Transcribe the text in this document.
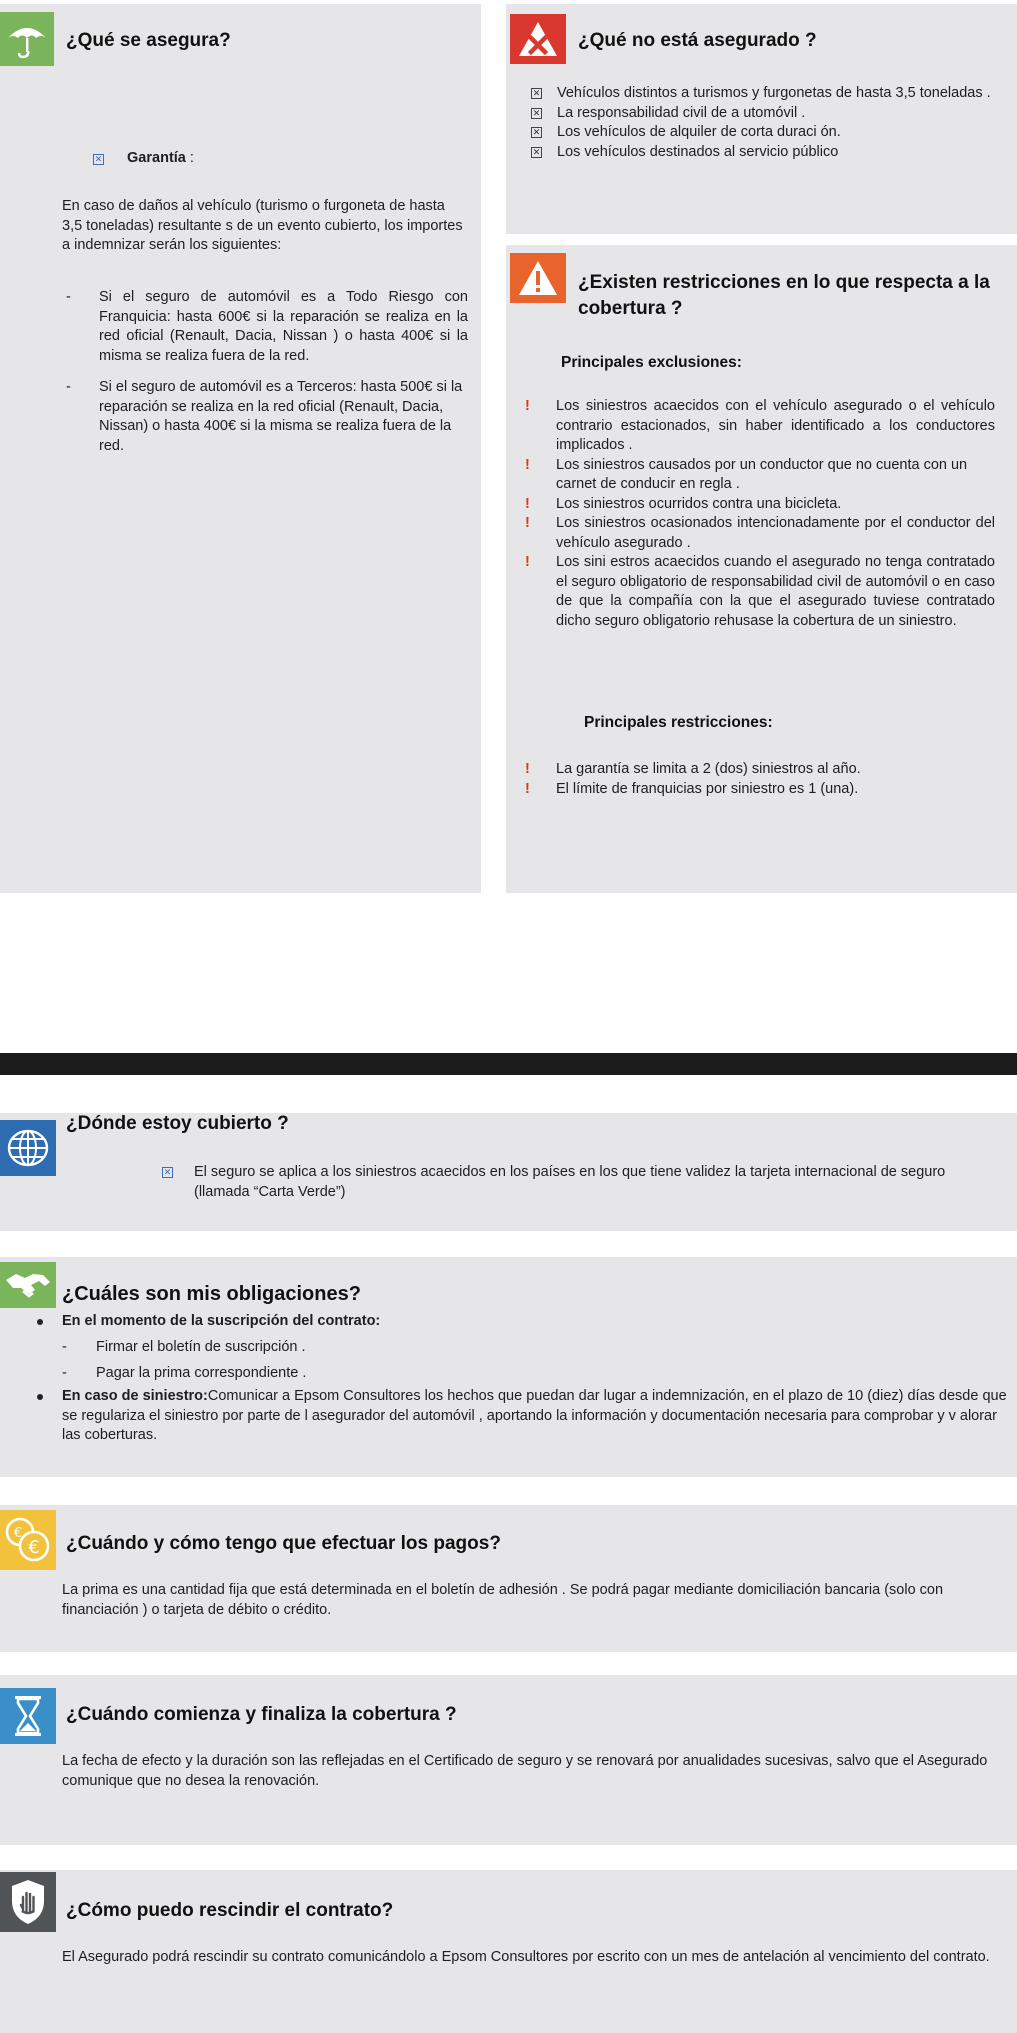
¿Qué se asegura?
✕ Garantía :
En caso de daños al vehículo (turismo o furgoneta de hasta 3,5 toneladas) resultante s de un evento cubierto, los importes a indemnizar serán los siguientes:
- Si el seguro de automóvil es a Todo Riesgo con Franquicia: hasta 600€ si la reparación se realiza en la red oficial (Renault, Dacia, Nissan ) o hasta 400€ si la misma se realiza fuera de la red.
- Si el seguro de automóvil es a Terceros: hasta 500€ si la reparación se realiza en la red oficial (Renault, Dacia, Nissan) o hasta 400€ si la misma se realiza fuera de la red.
¿Qué no está asegurado ?
✕ Vehículos distintos a turismos y furgonetas de hasta 3,5 toneladas .
✕ La responsabilidad civil de a utomóvil .
✕ Los vehículos de alquiler de corta duraci ón.
✕ Los vehículos destinados al servicio público
¿Existen restricciones en lo que respecta a la
cobertura ?
Principales exclusiones:
!	Los siniestros acaecidos con el vehículo asegurado o el vehículo contrario estacionados, sin haber identificado a los conductores implicados .
!	Los siniestros causados por un conductor que no cuenta con un carnet de conducir en regla .
!	Los siniestros ocurridos contra una bicicleta.
!	Los siniestros ocasionados intencionadamente por el conductor del vehículo asegurado .
!	Los sini estros acaecidos cuando el asegurado no tenga contratado el seguro obligatorio de responsabilidad civil de automóvil o en caso de que la compañía con la que el asegurado tuviese contratado dicho seguro obligatorio rehusase la cobertura de un siniestro.
Principales restricciones:
!	La garantía se limita a 2 (dos) siniestros al año.
!	El límite de franquicias por siniestro es 1 (una).
¿Dónde estoy cubierto ?
✕ El seguro se aplica a los siniestros acaecidos en los países en los que tiene validez la tarjeta internacional de seguro (llamada “Carta Verde”)
¿Cuáles son mis obligaciones?
En el momento de la suscripción del contrato:
- Firmar el boletín de suscripción .
- Pagar la prima correspondiente .
En caso de siniestro:Comunicar a Epsom Consultores los hechos que puedan dar lugar a indemnización, en el plazo de 10 (diez) días desde que se regulariza el siniestro por parte de l asegurador del automóvil , aportando la información y documentación necesaria para comprobar y v alorar las coberturas.
€
€ ¿Cuándo y cómo tengo que efectuar los pagos?
La prima es una cantidad fija que está determinada en el boletín de adhesión . Se podrá pagar mediante domiciliación bancaria (solo con financiación ) o tarjeta de débito o crédito.
¿Cuándo comienza y finaliza la cobertura ?
La fecha de efecto y la duración son las reflejadas en el Certificado de seguro y se renovará por anualidades sucesivas, salvo que el Asegurado comunique que no desea la renovación.
¿Cómo puedo rescindir el contrato?
El Asegurado podrá rescindir su contrato comunicándolo a Epsom Consultores por escrito con un mes de antelación al vencimiento del contrato.
